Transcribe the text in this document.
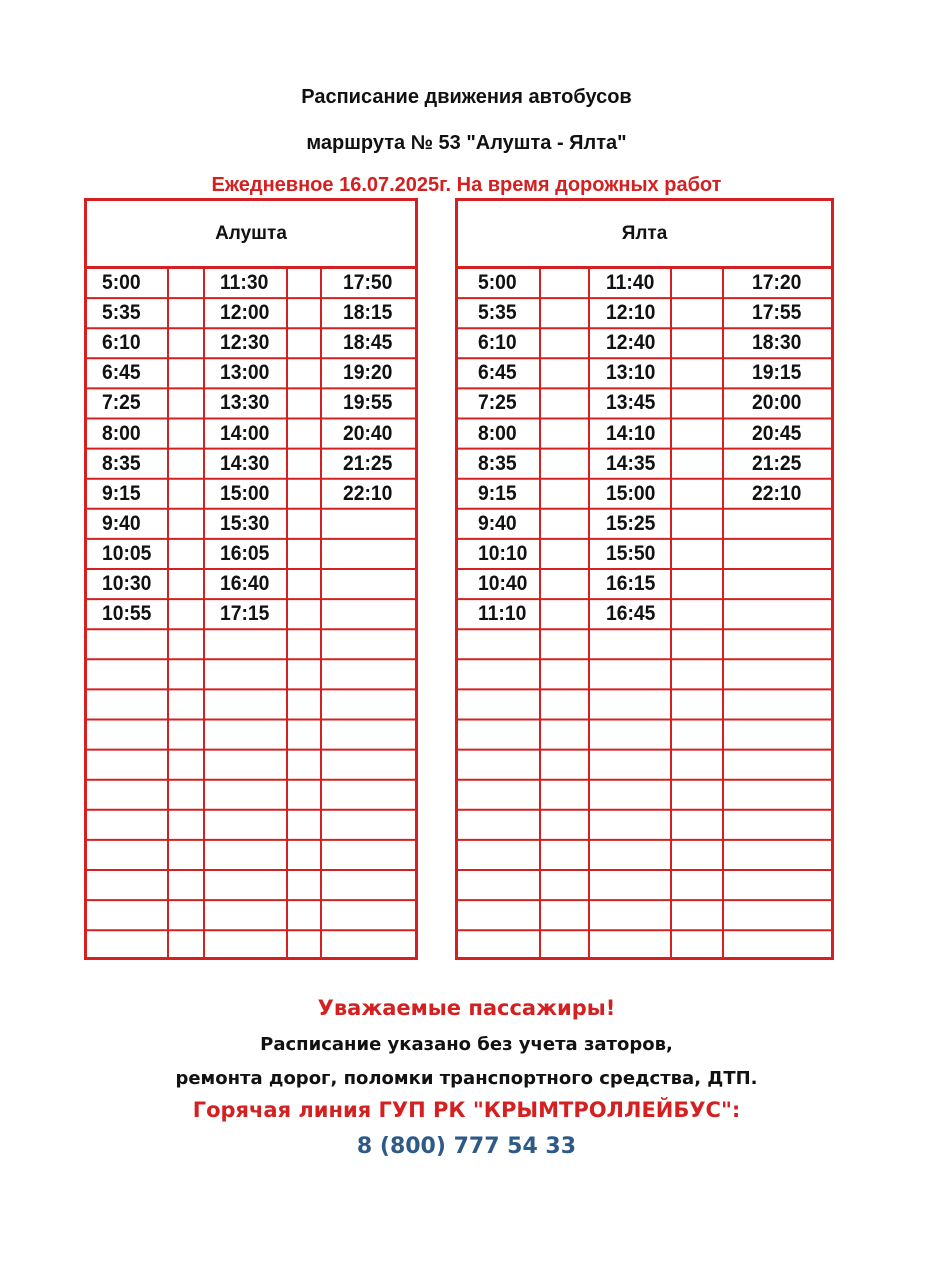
Расписание движения автобусов

маршрута № 53 "Алушта - Ялта"

Ежедневное 16.07.2025г. На время дорожных работ

Алушта	Ялта
5:00
5:35
6:10
6:45
7:25
8:00
8:35
9:15
9:40
10:05
10:30
10:55
11:30
12:00
12:30
13:00
13:30
14:00
14:30
15:00
15:30
16:05
16:40
17:15
17:50
18:15
18:45
19:20
19:55
20:40
21:25
22:10
5:00
5:35
6:10
6:45
7:25
8:00
8:35
9:15
9:40
10:10
10:40
11:10
11:40
12:10
12:40
13:10
13:45
14:10
14:35
15:00
15:25
15:50
16:15
16:45
17:20
17:55
18:30
19:15
20:00
20:45
21:25
22:10

Уважаемые пассажиры!

Расписание указано без учета заторов,

ремонта дорог, поломки транспортного средства, ДТП.

Горячая линия ГУП РК "КРЫМТРОЛЛЕЙБУС":

8 (800) 777 54 33
